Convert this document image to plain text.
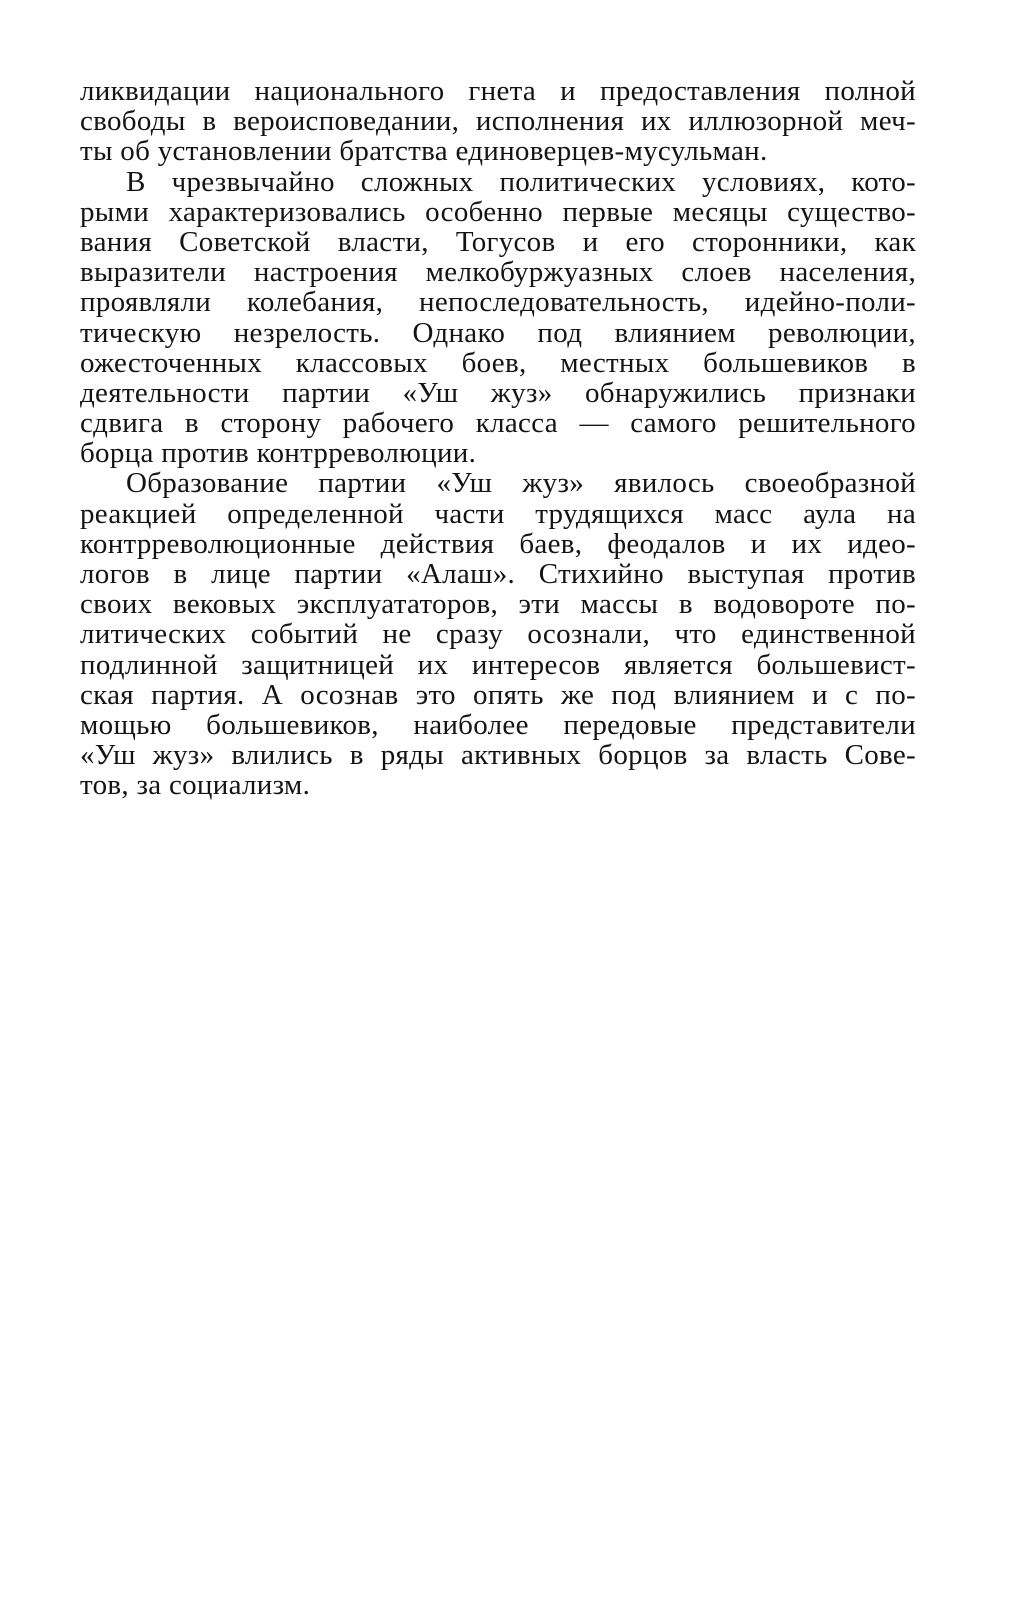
ликвидации национального гнета и предоставления полной
свободы в вероисповедании, исполнения их иллюзорной меч-
ты об установлении братства единоверцев-мусульман.
В чрезвычайно сложных политических условиях, кото-
рыми характеризовались особенно первые месяцы существо-
вания Советской власти, Тогусов и его сторонники, как
выразители настроения мелкобуржуазных слоев населения,
проявляли колебания, непоследовательность, идейно-поли-
тическую незрелость. Однако под влиянием революции,
ожесточенных классовых боев, местных большевиков в
деятельности партии «Уш жуз» обнаружились признаки
сдвига в сторону рабочего класса — самого решительного
борца против контрреволюции.
Образование партии «Уш жуз» явилось своеобразной
реакцией определенной части трудящихся масс аула на
контрреволюционные действия баев, феодалов и их идео-
логов в лице партии «Алаш». Стихийно выступая против
своих вековых эксплуататоров, эти массы в водовороте по-
литических событий не сразу осознали, что единственной
подлинной защитницей их интересов является большевист-
ская партия. А осознав это опять же под влиянием и с по-
мощью большевиков, наиболее передовые представители
«Уш жуз» влились в ряды активных борцов за власть Сове-
тов, за социализм.
